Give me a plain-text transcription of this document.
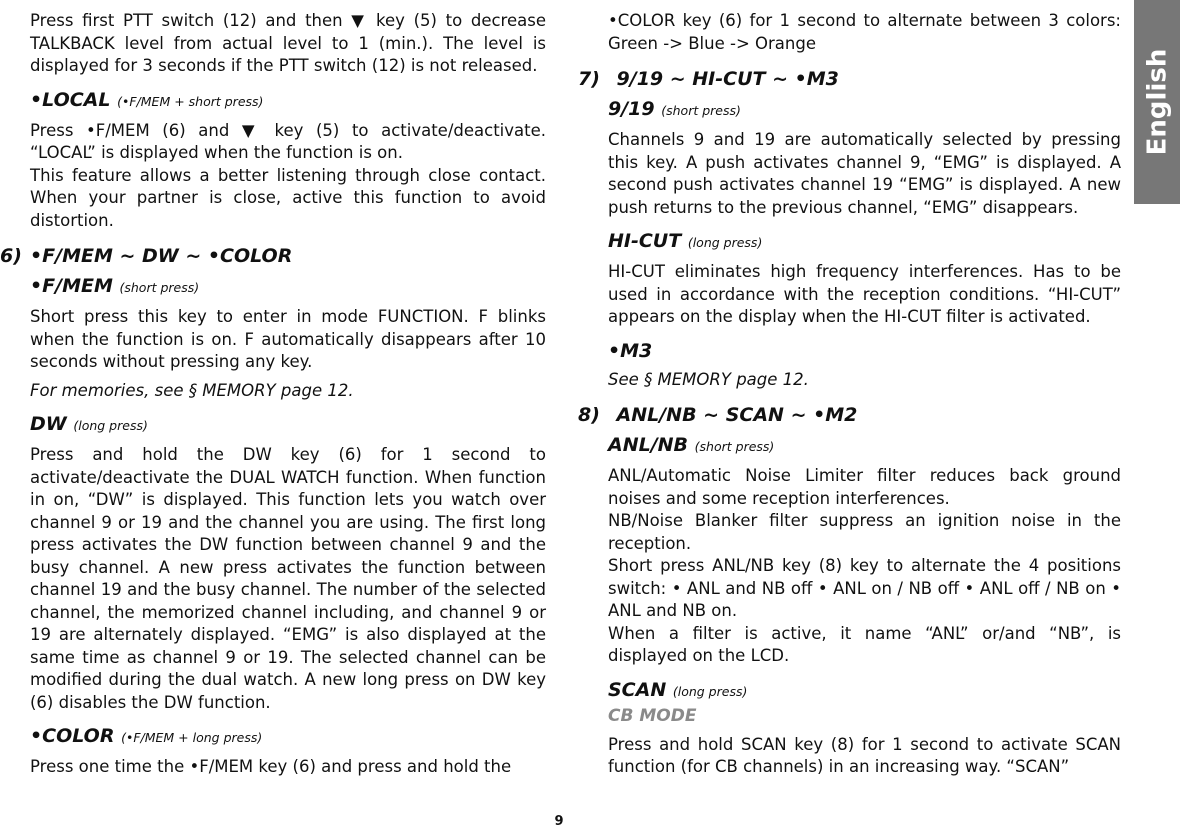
English

Press first PTT switch (12) and then ▼ key (5) to decrease TALKBACK level from actual level to 1 (min.). The level is displayed for 3 seconds if the PTT switch (12) is not released.

•LOCAL (•F/MEM + short press)

Press •F/MEM (6) and ▼ key (5) to activate/deactivate. “LOCAL” is displayed when the function is on.

This feature allows a better listening through close contact. When your partner is close, active this function to avoid distortion.

6) •F/MEM ~ DW ~ •COLOR
•F/MEM (short press)

Short press this key to enter in mode FUNCTION. F blinks when the function is on. F automatically disappears after 10 seconds without pressing any key.

For memories, see § MEMORY page 12.

DW (long press)

Press and hold the DW key (6) for 1 second to activate/deactivate the DUAL WATCH function. When function in on, “DW” is displayed. This function lets you watch over channel 9 or 19 and the channel you are using. The first long press activates the DW function between channel 9 and the busy channel. A new press activates the function between channel 19 and the busy channel. The number of the selected channel, the memorized channel including, and channel 9 or 19 are alternately displayed. “EMG” is also displayed at the same time as channel 9 or 19. The selected channel can be modified during the dual watch. A new long press on DW key (6) disables the DW function.

•COLOR (•F/MEM + long press)

Press one time the •F/MEM key (6) and press and hold the

•COLOR key (6) for 1 second to alternate between 3 colors: Green -> Blue -> Orange

7) 9/19 ~ HI-CUT ~ •M3
9/19 (short press)

Channels 9 and 19 are automatically selected by pressing this key. A push activates channel 9, “EMG” is displayed. A second push activates channel 19 “EMG” is displayed. A new push returns to the previous channel, “EMG” disappears.

HI-CUT (long press)

HI-CUT eliminates high frequency interferences. Has to be used in accordance with the reception conditions. “HI-CUT” appears on the display when the HI-CUT filter is activated.

•M3

See § MEMORY page 12.

8) ANL/NB ~ SCAN ~ •M2
ANL/NB (short press)

ANL/Automatic Noise Limiter filter reduces back ground noises and some reception interferences.

NB/Noise Blanker filter suppress an ignition noise in the reception.

Short press ANL/NB key (8) key to alternate the 4 positions switch: • ANL and NB off • ANL on / NB off • ANL off / NB on • ANL and NB on.

When a filter is active, it name “ANL” or/and “NB”, is displayed on the LCD.

SCAN (long press)
CB MODE

Press and hold SCAN key (8) for 1 second to activate SCAN function (for CB channels) in an increasing way. “SCAN”

9
